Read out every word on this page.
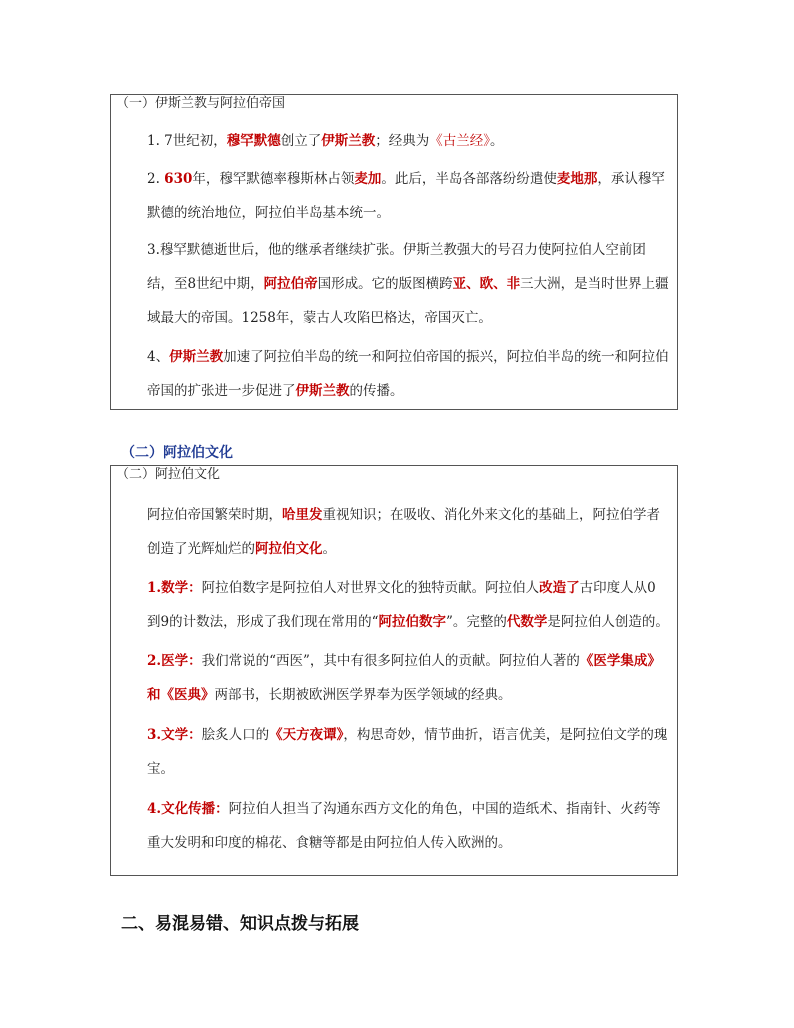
（一）伊斯兰教与阿拉伯帝国

1. 7世纪初，穆罕默德创立了伊斯兰教；经典为《古兰经》。

2. 630年，穆罕默德率穆斯林占领麦加。此后，半岛各部落纷纷遣使麦地那，承认穆罕默德的统治地位，阿拉伯半岛基本统一。

3.穆罕默德逝世后，他的继承者继续扩张。伊斯兰教强大的号召力使阿拉伯人空前团结，至8世纪中期，阿拉伯帝国形成。它的版图横跨亚、欧、非三大洲，是当时世界上疆域最大的帝国。1258年，蒙古人攻陷巴格达，帝国灭亡。

4、伊斯兰教加速了阿拉伯半岛的统一和阿拉伯帝国的振兴，阿拉伯半岛的统一和阿拉伯帝国的扩张进一步促进了伊斯兰教的传播。

（二）阿拉伯文化
（二）阿拉伯文化

阿拉伯帝国繁荣时期，哈里发重视知识；在吸收、消化外来文化的基础上，阿拉伯学者创造了光辉灿烂的阿拉伯文化。

1.数学：阿拉伯数字是阿拉伯人对世界文化的独特贡献。阿拉伯人改造了古印度人从0到9的计数法，形成了我们现在常用的“阿拉伯数字”。完整的代数学是阿拉伯人创造的。

2.医学：我们常说的“西医”，其中有很多阿拉伯人的贡献。阿拉伯人著的《医学集成》和《医典》两部书，长期被欧洲医学界奉为医学领域的经典。

3.文学：脍炙人口的《天方夜谭》，构思奇妙，情节曲折，语言优美，是阿拉伯文学的瑰宝。

4.文化传播：阿拉伯人担当了沟通东西方文化的角色，中国的造纸术、指南针、火药等重大发明和印度的棉花、食糖等都是由阿拉伯人传入欧洲的。

二、易混易错、知识点拨与拓展
